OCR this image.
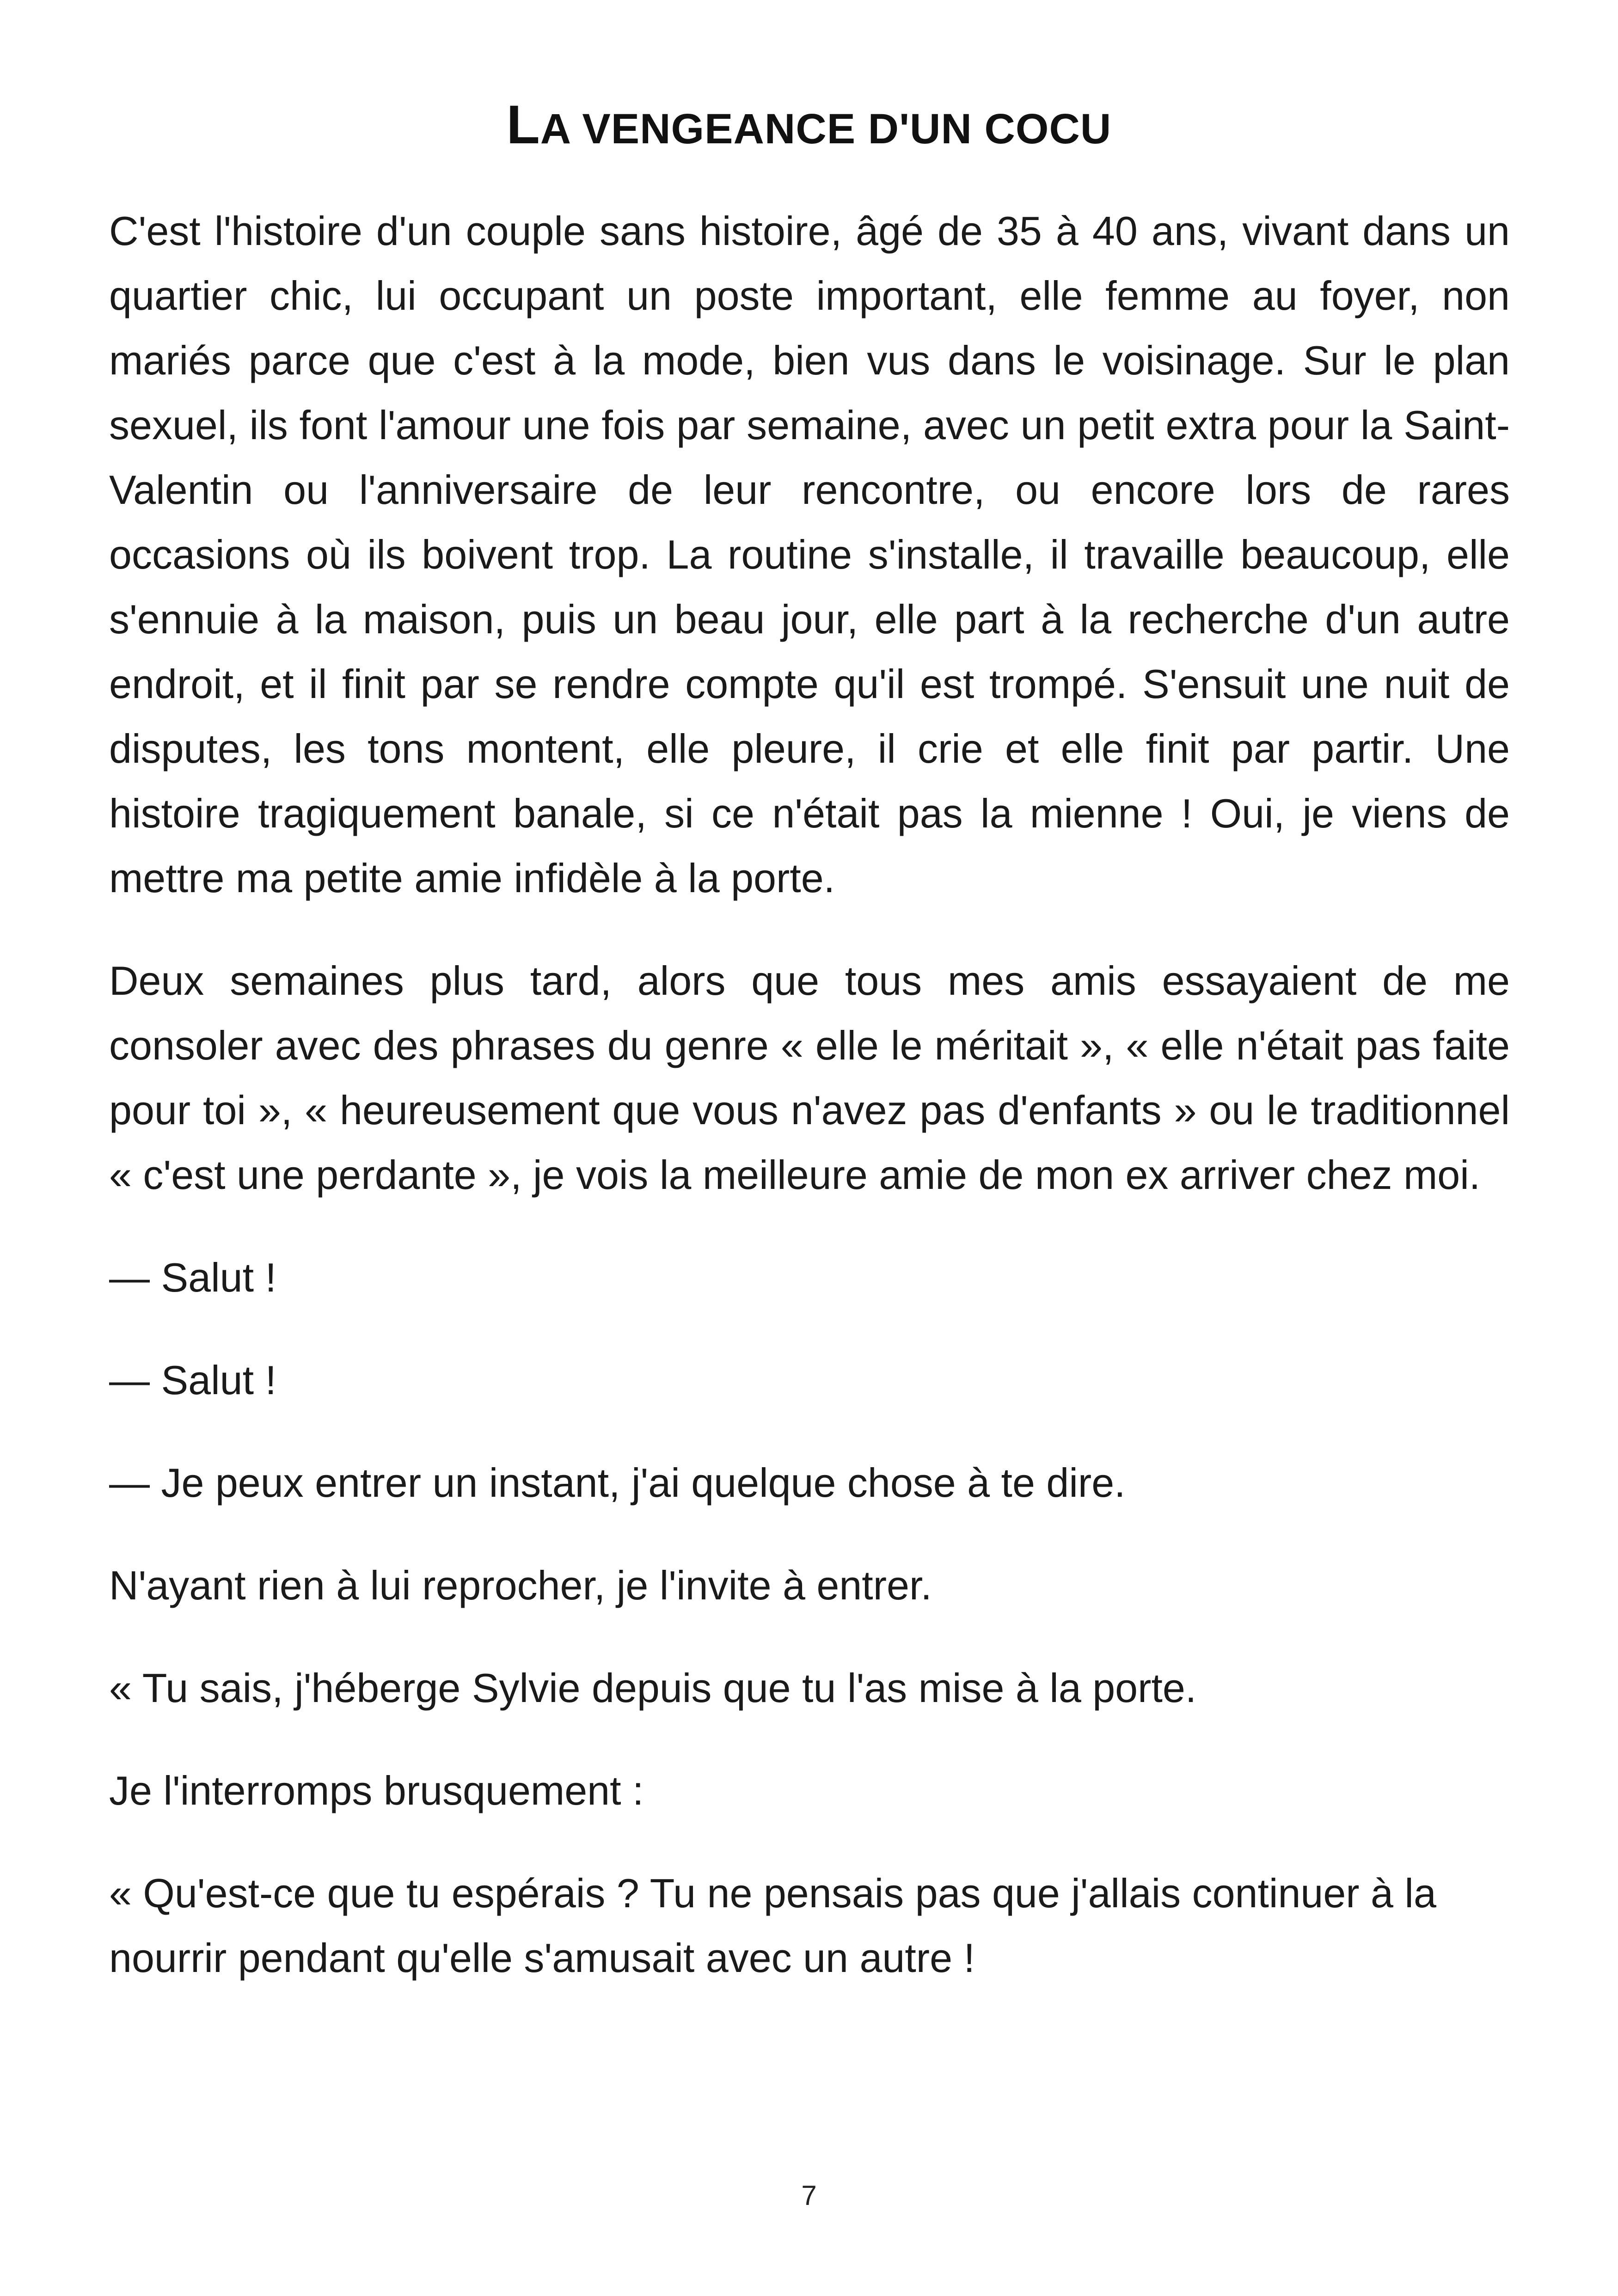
LA VENGEANCE D'UN COCU

C'est l'histoire d'un couple sans histoire, âgé de 35 à 40 ans, vivant dans un quartier chic, lui occupant un poste important, elle femme au foyer, non mariés parce que c'est à la mode, bien vus dans le voisinage. Sur le plan sexuel, ils font l'amour une fois par semaine, avec un petit extra pour la Saint-Valentin ou l'anniversaire de leur rencontre, ou encore lors de rares occasions où ils boivent trop. La routine s'installe, il travaille beaucoup, elle s'ennuie à la maison, puis un beau jour, elle part à la recherche d'un autre endroit, et il finit par se rendre compte qu'il est trompé. S'ensuit une nuit de disputes, les tons montent, elle pleure, il crie et elle finit par partir. Une histoire tragiquement banale, si ce n'était pas la mienne ! Oui, je viens de mettre ma petite amie infidèle à la porte.

Deux semaines plus tard, alors que tous mes amis essayaient de me consoler avec des phrases du genre « elle le méritait », « elle n'était pas faite pour toi », « heureusement que vous n'avez pas d'enfants » ou le traditionnel « c'est une perdante », je vois la meilleure amie de mon ex arriver chez moi.

— Salut !

— Salut !

— Je peux entrer un instant, j'ai quelque chose à te dire.

N'ayant rien à lui reprocher, je l'invite à entrer.

« Tu sais, j'héberge Sylvie depuis que tu l'as mise à la porte.

Je l'interromps brusquement :

« Qu'est-ce que tu espérais ? Tu ne pensais pas que j'allais continuer à la nourrir pendant qu'elle s'amusait avec un autre !

7
